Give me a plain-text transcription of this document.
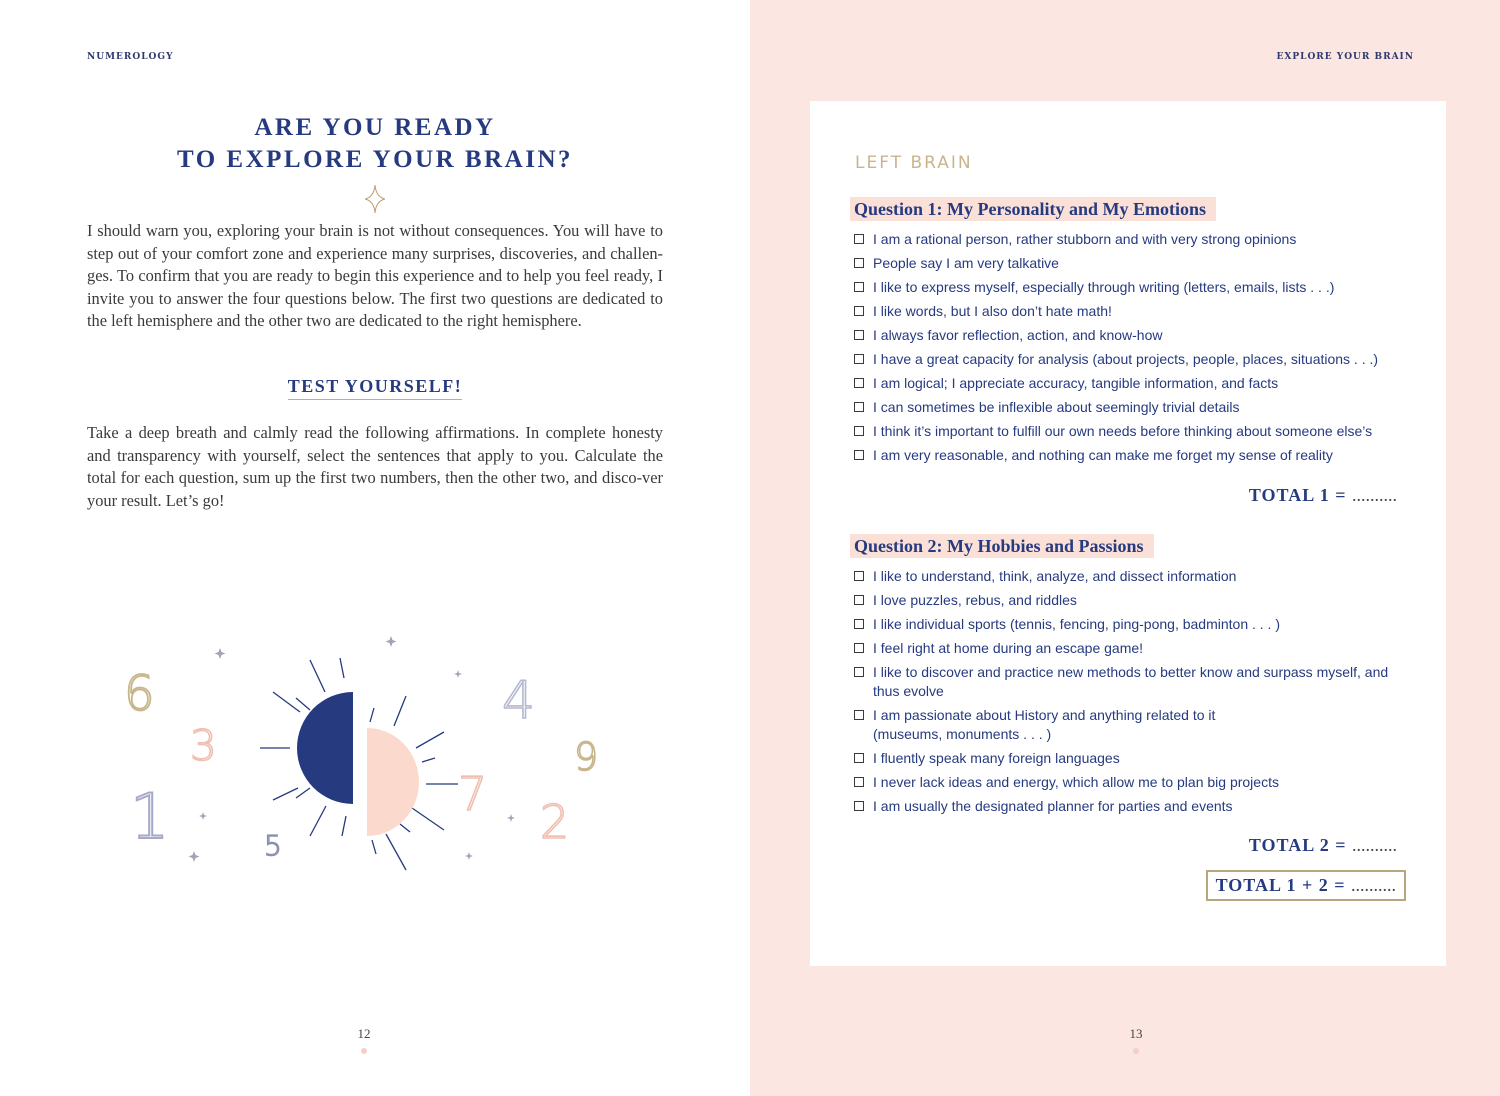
NUMEROLOGY
ARE YOU READY
TO EXPLORE YOUR BRAIN?
I should warn you, exploring your brain is not without consequences. You will have to step out of your comfort zone and experience many surprises, discoveries, and challen-ges. To confirm that you are ready to begin this experience and to help you feel ready, I invite you to answer the four questions below. The first two questions are dedicated to the left hemisphere and the other two are dedicated to the right hemisphere.
TEST YOURSELF!
Take a deep breath and calmly read the following affirmations. In complete honesty and transparency with yourself, select the sentences that apply to you. Calculate the total for each question, sum up the first two numbers, then the other two, and disco-ver your result. Let’s go!
6
3
1	5
4
7
9
2
12
EXPLORE YOUR BRAIN
LEFT BRAIN
Question 1: My Personality and My Emotions
I am a rational person, rather stubborn and with very strong opinions
People say I am very talkative
I like to express myself, especially through writing (letters, emails, lists . . .)
I like words, but I also don’t hate math!
I always favor reflection, action, and know-how
I have a great capacity for analysis (about projects, people, places, situations . . .)
I am logical; I appreciate accuracy, tangible information, and facts
I can sometimes be inflexible about seemingly trivial details
I think it’s important to fulfill our own needs before thinking about someone else’s
I am very reasonable, and nothing can make me forget my sense of reality
TOTAL 1 = ..........
Question 2: My Hobbies and Passions
I like to understand, think, analyze, and dissect information
I love puzzles, rebus, and riddles
I like individual sports (tennis, fencing, ping-pong, badminton . . . )
I feel right at home during an escape game!
I like to discover and practice new methods to better know and surpass myself, and thus evolve
I am passionate about History and anything related to it (museums, monuments . . . )
I fluently speak many foreign languages
I never lack ideas and energy, which allow me to plan big projects
I am usually the designated planner for parties and events
TOTAL 2 = ..........
TOTAL 1 + 2 = ..........
13
